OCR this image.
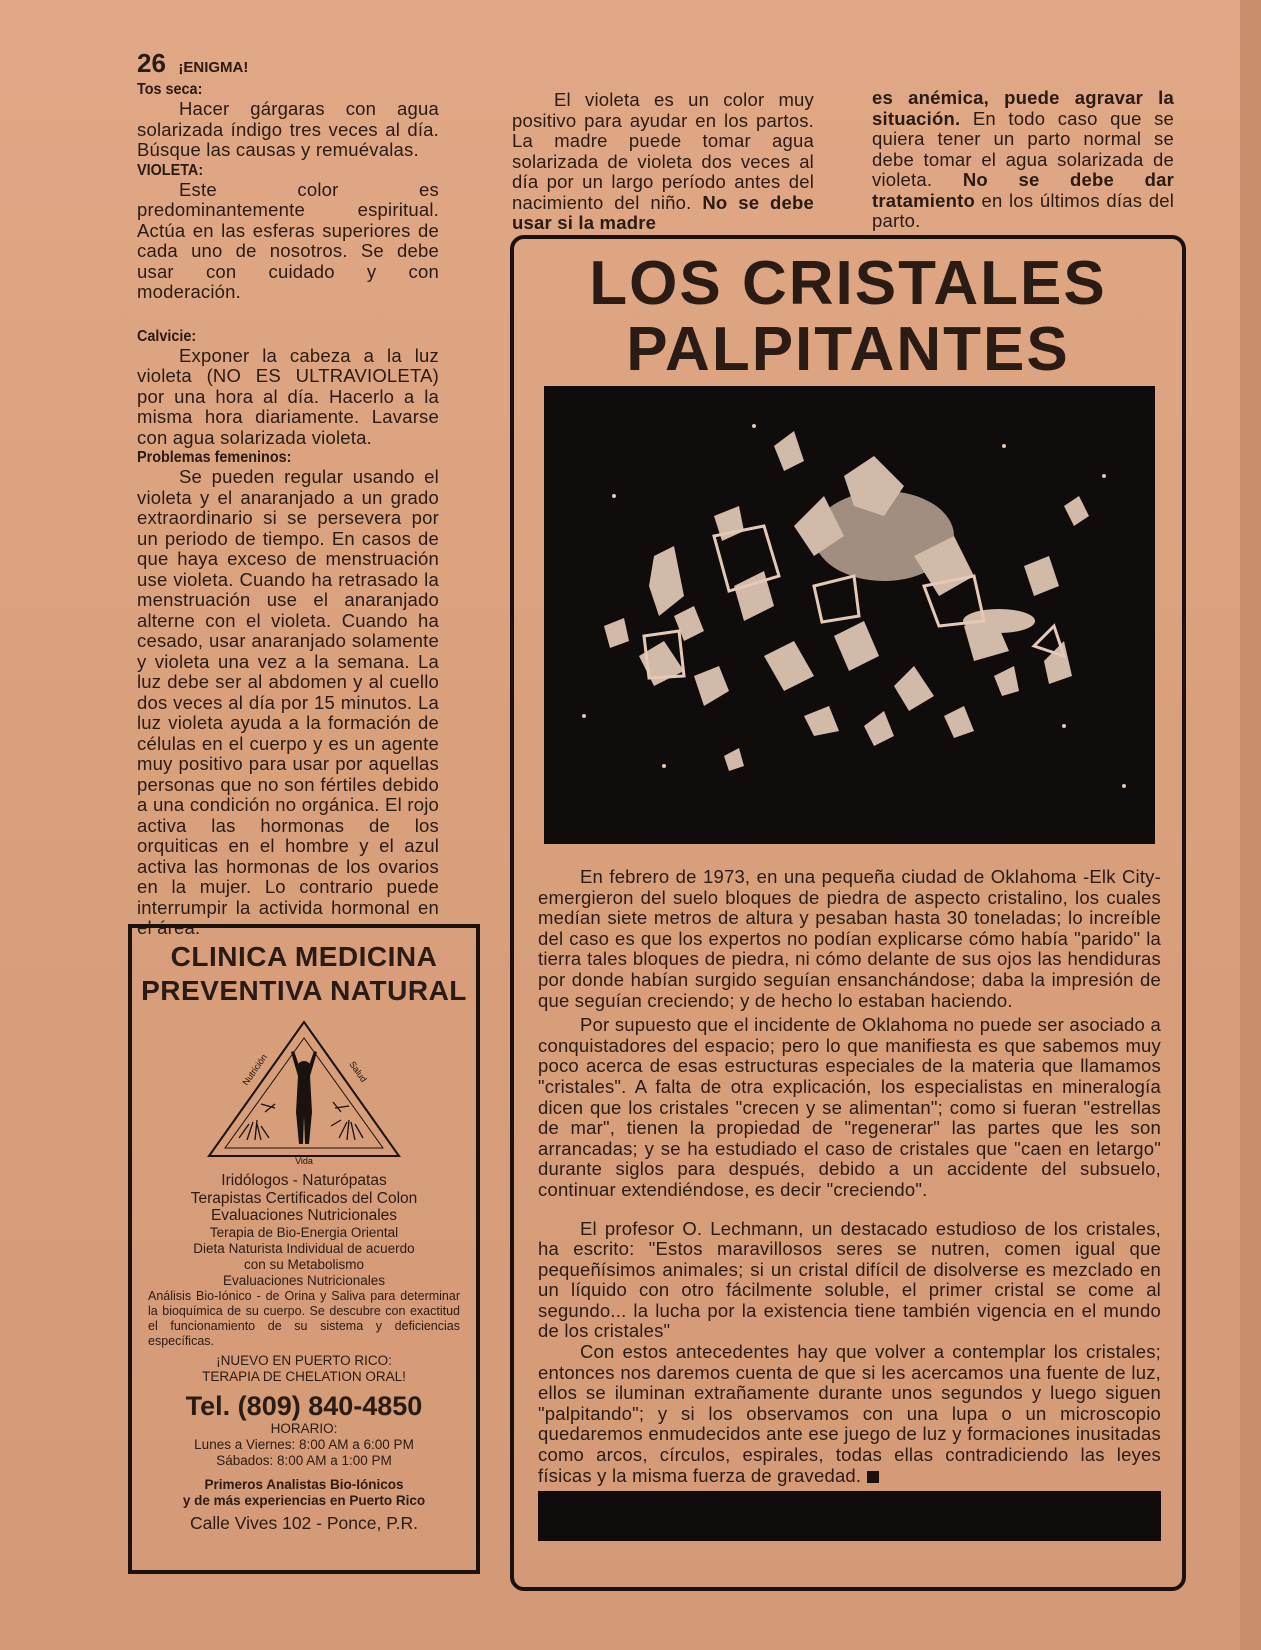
26 ¡ENIGMA!
Tos seca:

Hacer gárgaras con agua solarizada índigo tres veces al día. Búsque las causas y remuévalas.

VIOLETA:

Este color es predominantemente espiritual. Actúa en las esferas superiores de cada uno de nosotros. Se debe usar con cuidado y con moderación.

Calvicie:

Exponer la cabeza a la luz violeta (NO ES ULTRAVIOLETA) por una hora al día. Hacerlo a la misma hora diariamente. Lavarse con agua solarizada violeta.

Problemas femeninos:

Se pueden regular usando el violeta y el anaranjado a un grado extraordinario si se persevera por un periodo de tiempo. En casos de que haya exceso de menstruación use violeta. Cuando ha retrasado la menstruación use el anaranjado alterne con el violeta. Cuando ha cesado, usar anaranjado solamente y violeta una vez a la semana. La luz debe ser al abdomen y al cuello dos veces al día por 15 minutos. La luz violeta ayuda a la formación de células en el cuerpo y es un agente muy positivo para usar por aquellas personas que no son fértiles debido a una condición no orgánica. El rojo activa las hormonas de los orquiticas en el hombre y el azul activa las hormonas de los ovarios en la mujer. Lo contrario puede interrumpir la activida hormonal en el área.

El violeta es un color muy positivo para ayudar en los partos. La madre puede tomar agua solarizada de violeta dos veces al día por un largo período antes del nacimiento del niño. No se debe usar si la madre

es anémica, puede agravar la situación. En todo caso que se quiera tener un parto normal se debe tomar el agua solarizada de violeta. No se debe dar tratamiento en los últimos días del parto.

CLINICA MEDICINA
PREVENTIVA NATURAL
Nutrición	Salud
Vida

Iridólogos - Naturópatas

Terapistas Certificados del Colon

Evaluaciones Nutricionales

Terapia de Bio-Energia Oriental

Dieta Naturista Individual de acuerdo

con su Metabolismo

Evaluaciones Nutricionales

Análisis Bio-Iónico - de Orina y Saliva para determinar la bioquímica de su cuerpo. Se descubre con exactitud el funcionamiento de su sistema y deficiencias específicas.

¡NUEVO EN PUERTO RICO:

TERAPIA DE CHELATION ORAL!

Tel. (809) 840-4850

HORARIO:

Lunes a Viernes: 8:00 AM a 6:00 PM

Sábados: 8:00 AM a 1:00 PM

Primeros Analistas Bio-Iónicos

y de más experiencias en Puerto Rico

Calle Vives 102 - Ponce, P.R.

LOS CRISTALES
PALPITANTES

En febrero de 1973, en una pequeña ciudad de Oklahoma -Elk City- emergieron del suelo bloques de piedra de aspecto cristalino, los cuales medían siete metros de altura y pesaban hasta 30 toneladas; lo increíble del caso es que los expertos no podían explicarse cómo había "parido" la tierra tales bloques de piedra, ni cómo delante de sus ojos las hendiduras por donde habían surgido seguían ensanchándose; daba la impresión de que seguían creciendo; y de hecho lo estaban haciendo.

Por supuesto que el incidente de Oklahoma no puede ser asociado a conquistadores del espacio; pero lo que manifiesta es que sabemos muy poco acerca de esas estructuras especiales de la materia que llamamos "cristales". A falta de otra explicación, los especialistas en mineralogía dicen que los cristales "crecen y se alimentan"; como si fueran "estrellas de mar", tienen la propiedad de "regenerar" las partes que les son arrancadas; y se ha estudiado el caso de cristales que "caen en letargo" durante siglos para después, debido a un accidente del subsuelo, continuar extendiéndose, es decir "creciendo".

El profesor O. Lechmann, un destacado estudioso de los cristales, ha escrito: "Estos maravillosos seres se nutren, comen igual que pequeñísimos animales; si un cristal difícil de disolverse es mezclado en un líquido con otro fácilmente soluble, el primer cristal se come al segundo... la lucha por la existencia tiene también vigencia en el mundo de los cristales"

Con estos antecedentes hay que volver a contemplar los cristales; entonces nos daremos cuenta de que si les acercamos una fuente de luz, ellos se iluminan extrañamente durante unos segundos y luego siguen "palpitando"; y si los observamos con una lupa o un microscopio quedaremos enmudecidos ante ese juego de luz y formaciones inusitadas como arcos, círculos, espirales, todas ellas contradiciendo las leyes físicas y la misma fuerza de gravedad.
